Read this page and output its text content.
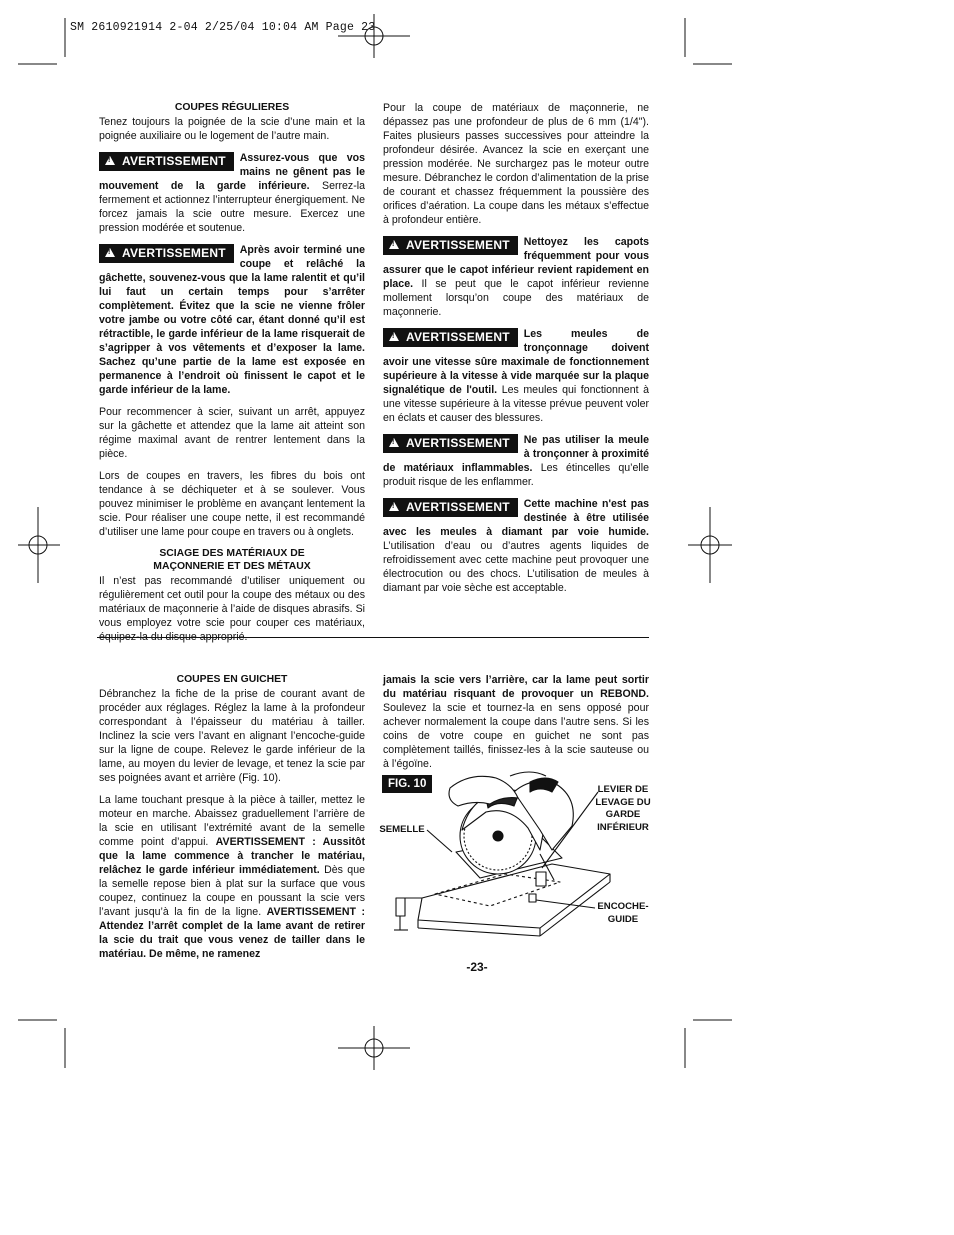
SM 2610921914 2-04 2/25/04 10:04 AM Page 23
COUPES RÉGULIERES

Tenez toujours la poignée de la scie d’une main et la poignée auxiliaire ou le logement de l’autre main.

!AVERTISSEMENT	Assurez-vous que vos mains ne gênent pas le mouvement de la garde inférieure. Serrez-la fermement et actionnez l’interrupteur énergiquement. Ne forcez jamais la scie outre mesure. Exercez une pression modérée et soutenue.
!AVERTISSEMENT	Après avoir terminé une coupe et relâché la gâchette, souvenez-vous que la lame ralentit et qu’il lui faut un certain temps pour s’arrêter complètement. Évitez que la scie ne vienne frôler votre jambe ou votre côté car, étant donné qu’il est rétractible, le garde inférieur de la lame risquerait de s’agripper à vos vêtements et d’exposer la lame. Sachez qu’une partie de la lame est exposée en permanence à l’endroit où finissent le capot et le garde inférieur de la lame.

Pour recommencer à scier, suivant un arrêt, appuyez sur la gâchette et attendez que la lame ait atteint son régime maximal avant de rentrer lentement dans la pièce.

Lors de coupes en travers, les fibres du bois ont tendance à se déchiqueter et à se soulever. Vous pouvez minimiser le problème en avançant lentement la scie. Pour réaliser une coupe nette, il est recommandé d’utiliser une lame pour coupe en travers ou à onglets.

SCIAGE DES MATÉRIAUX DE
MAÇONNERIE ET DES MÉTAUX

Il n’est pas recommandé d’utiliser uniquement ou régulièrement cet outil pour la coupe des métaux ou des matériaux de maçonnerie à l’aide de disques abrasifs. Si vous employez votre scie pour couper ces matériaux, équipez-la du disque approprié.

Pour la coupe de matériaux de maçonnerie, ne dépassez pas une profondeur de plus de 6 mm (1/4"). Faites plusieurs passes successives pour atteindre la profondeur désirée. Avancez la scie en exerçant une pression modérée. Ne surchargez pas le moteur outre mesure. Débranchez le cordon d’alimentation de la prise de courant et chassez fréquemment la poussière des orifices d’aération. La coupe dans les métaux s’effectue à profondeur entière.

!AVERTISSEMENT	Nettoyez les capots fréquemment pour vous assurer que le capot inférieur revient rapidement en place. Il se peut que le capot inférieur revienne mollement lorsqu’on coupe des matériaux de maçonnerie.
!AVERTISSEMENT	Les meules de tronçonnage doivent avoir une vitesse sûre maximale de fonctionnement supérieure à la vitesse à vide marquée sur la plaque signalétique de l'outil. Les meules qui fonctionnent à une vitesse supérieure à la vitesse prévue peuvent voler en éclats et causer des blessures.
!AVERTISSEMENT	Ne pas utiliser la meule à tronçonner à proximité de matériaux inflammables. Les étincelles qu’elle produit risque de les enflammer.
!AVERTISSEMENT	Cette machine n'est pas destinée à être utilisée avec les meules à diamant par voie humide. L’utilisation d’eau ou d’autres agents liquides de refroidissement avec cette machine peut provoquer une électrocution ou des chocs. L’utilisation de meules à diamant par voie sèche est acceptable.
COUPES EN GUICHET

Débranchez la fiche de la prise de courant avant de procéder aux réglages. Réglez la lame à la profondeur correspondant à l’épaisseur du matériau à tailler. Inclinez la scie vers l’avant en alignant l’encoche-guide sur la ligne de coupe. Relevez le garde inférieur de la lame, au moyen du levier de levage, et tenez la scie par ses poignées avant et arrière (Fig. 10).

La lame touchant presque à la pièce à tailler, mettez le moteur en marche. Abaissez graduellement l’arrière de la scie en utilisant l’extrémité avant de la semelle comme point d’appui. AVERTISSEMENT : Aussitôt que la lame commence à trancher le matériau, relâchez le garde inférieur immédiatement. Dès que la semelle repose bien à plat sur la surface que vous coupez, continuez la coupe en poussant la scie vers l’avant jusqu’à la fin de la ligne. AVERTISSEMENT : Attendez l’arrêt complet de la lame avant de retirer la scie du trait que vous venez de tailler dans le matériau. De même, ne ramenez

jamais la scie vers l’arrière, car la lame peut sortir du matériau risquant de provoquer un REBOND. Soulevez la scie et tournez-la en sens opposé pour achever normalement la coupe dans l’autre sens. Si les coins de votre coupe en guichet ne sont pas complètement taillés, finissez-les à la scie sauteuse ou à l’égoïne.

FIG. 10
SEMELLE
LEVIER DE
LEVAGE DU
GARDE
INFÉRIEUR
ENCOCHE-
GUIDE
-23-
